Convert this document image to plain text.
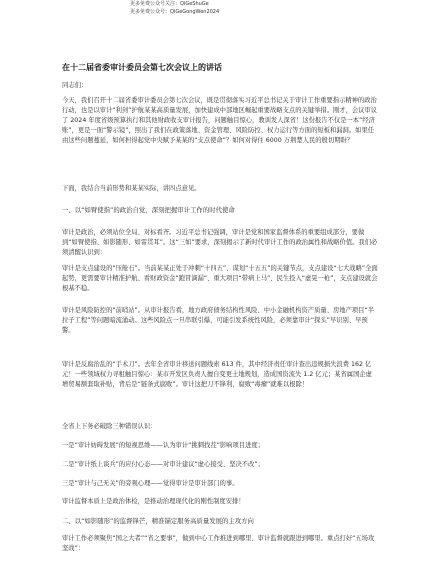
更多免费公众号关注：QiGeShuGe
更多免费公众号：QiGeGongWen2024
在十二届省委审计委员会第七次会议上的讲话
同志们：
今天，我们召开十二届省委审计委员会第七次会议，既是贯彻落实习近平总书记关于审计工作重要指示精神的政治行动，也是以审计“利剑”护航某某高质量发展，加快建成中部地区崛起重要战略支点的关键举措。刚才，会议审议了 2024 年度省级预算执行和其他财政收支审计报告，问题触目惊心，教训发人深省！这份报告不仅是一本“经济账”，更是一面“警示镜”，照出了我们在政策落地、资金管理、风险防控、权力运行等方面的短板和漏洞。如果任由这些问题蔓延，如何担得起党中央赋予某某的“支点使命”？如何对得住 6000 万荆楚人民的殷切期盼？
下面，我结合当前形势和某某实际，讲四点意见。
一、以“如臂使指”的政治自觉，深刻把握审计工作的时代使命
审计是政治，必须站位全局、对标看齐。习近平总书记强调，审计是党和国家监督体系的重要组成部分，要做到“如臂使指、如影随形、如雷贯耳”。这“三如”要求，深刻揭示了新时代审计工作的政治属性和战略价值。我们必须清醒认识到：
审计是支点建设的“压舱石”。当前某某正处于冲刺“十四五”、谋划“十五五”的关键节点，支点建设“七大战略”全面起势，更需要审计精准护航、看财政资金“跑冒滴漏”、重大项目“带病上马”、民生投入“虚晃一枪”，支点建设就会根基不稳。
审计是风险防控的“前哨站”。从审计报告看，地方政府债务结构性风险、中小金融机构资产质量、房地产项目“半拉子工程”等问题暗流涌动。这些风险点一旦串联引爆，可能引发系统性风险，必须靠审计“探头”早识别、早预警。
审计是反腐治乱的“手术刀”。去年全省审计移送问题线索 613 件，其中经济责任审计查出违规损失浪费 162 亿元！一些领域权力寻租触目惊心：某市开发区负责人擅自变更土地规划，造成国资流失 1.2 亿元；某省属国企虚增贸易额套取补贴，背后是“链条式腐败”。审计这把刀不锋利，腐败“毒瘤”就难以根除！
全省上下务必破除三种错误认识：
一是“审计妨碍发展”的短视思维——认为审计“挑刺找茬”影响项目进度；
二是“审计纸上谈兵”的应付心态——对审计建议“虚心接受、坚决不改”；
三是“审计与己无关”的旁观心理——觉得审计是审计部门的事。
审计监督本质上是政治体检，是推动治理现代化的刚性制度安排！
二、以“如影随形”的监督锋芒，精准锚定服务高质量发展的主攻方向
审计工作必须聚焦“国之大者”“省之要事”，做到中心工作推进到哪里、审计监督就跟进到哪里。重点打好“五场攻坚战”：
